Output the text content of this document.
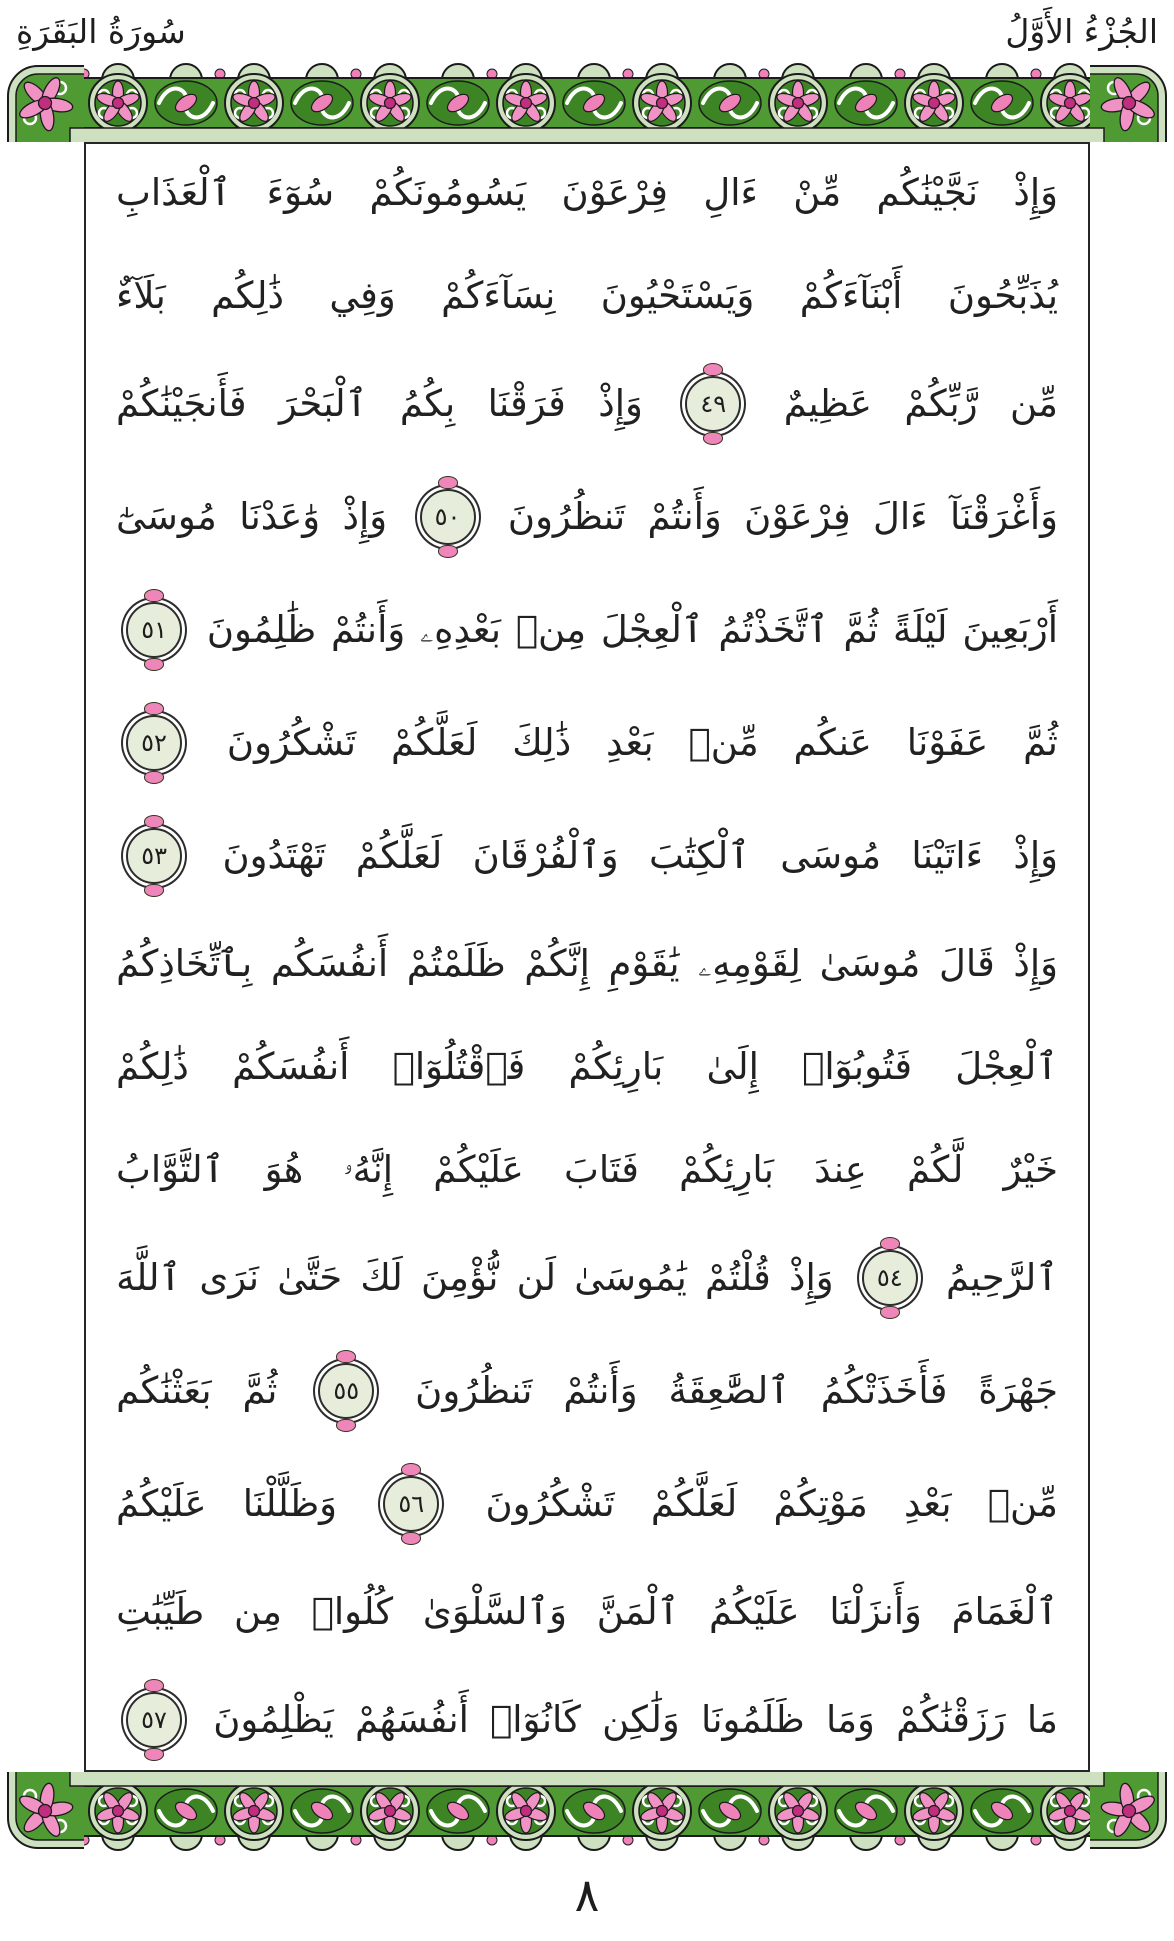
الجُزْءُ الأَوَّلُ
سُورَةُ البَقَرَةِ
وَإِذْ
نَجَّيْنَٰكُم
مِّنْ
ءَالِ
فِرْعَوْنَ
يَسُومُونَكُمْ
سُوٓءَ
ٱلْعَذَابِ
يُذَبِّحُونَ
أَبْنَآءَكُمْ
وَيَسْتَحْيُونَ
نِسَآءَكُمْ
وَفِي
ذَٰلِكُم
بَلَآءٌ
مِّن
رَّبِّكُمْ
عَظِيمٌ
٤٩
وَإِذْ
فَرَقْنَا
بِكُمُ
ٱلْبَحْرَ
فَأَنجَيْنَٰكُمْ
وَأَغْرَقْنَآ
ءَالَ
فِرْعَوْنَ
وَأَنتُمْ
تَنظُرُونَ
٥٠
وَإِذْ
وَٰعَدْنَا
مُوسَىٰٓ
أَرْبَعِينَ
لَيْلَةً
ثُمَّ
ٱتَّخَذْتُمُ
ٱلْعِجْلَ
مِنۢ
بَعْدِهِۦ
وَأَنتُمْ
ظَٰلِمُونَ
٥١
ثُمَّ
عَفَوْنَا
عَنكُم
مِّنۢ
بَعْدِ
ذَٰلِكَ
لَعَلَّكُمْ
تَشْكُرُونَ
٥٢
وَإِذْ
ءَاتَيْنَا
مُوسَى
ٱلْكِتَٰبَ
وَٱلْفُرْقَانَ
لَعَلَّكُمْ
تَهْتَدُونَ
٥٣
وَإِذْ
قَالَ
مُوسَىٰ
لِقَوْمِهِۦ
يَٰقَوْمِ
إِنَّكُمْ
ظَلَمْتُمْ
أَنفُسَكُم
بِٱتِّخَاذِكُمُ
ٱلْعِجْلَ
فَتُوبُوٓا۟
إِلَىٰ
بَارِئِكُمْ
فَٱقْتُلُوٓا۟
أَنفُسَكُمْ
ذَٰلِكُمْ
خَيْرٌ
لَّكُمْ
عِندَ
بَارِئِكُمْ
فَتَابَ
عَلَيْكُمْ
إِنَّهُۥ
هُوَ
ٱلتَّوَّابُ
ٱلرَّحِيمُ
٥٤
وَإِذْ
قُلْتُمْ
يَٰمُوسَىٰ
لَن
نُّؤْمِنَ
لَكَ
حَتَّىٰ
نَرَى
ٱللَّهَ
جَهْرَةً
فَأَخَذَتْكُمُ
ٱلصَّٰعِقَةُ
وَأَنتُمْ
تَنظُرُونَ
٥٥
ثُمَّ
بَعَثْنَٰكُم
مِّنۢ
بَعْدِ
مَوْتِكُمْ
لَعَلَّكُمْ
تَشْكُرُونَ
٥٦
وَظَلَّلْنَا
عَلَيْكُمُ
ٱلْغَمَامَ
وَأَنزَلْنَا
عَلَيْكُمُ
ٱلْمَنَّ
وَٱلسَّلْوَىٰ
كُلُوا۟
مِن
طَيِّبَٰتِ
مَا
رَزَقْنَٰكُمْ
وَمَا
ظَلَمُونَا
وَلَٰكِن
كَانُوٓا۟
أَنفُسَهُمْ
يَظْلِمُونَ
٥٧
٨
